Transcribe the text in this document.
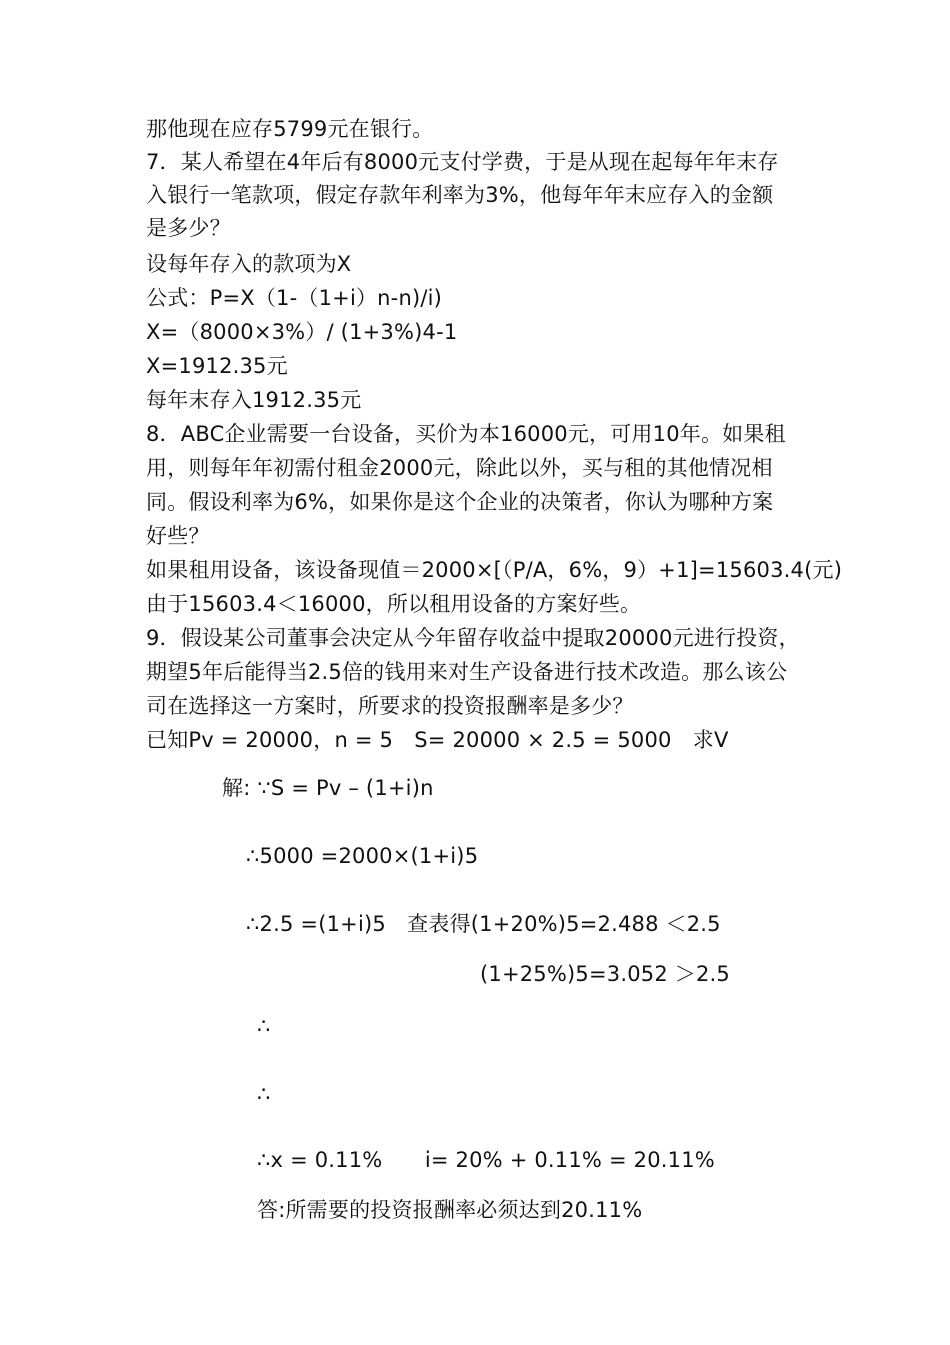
那他现在应存5799元在银行。
7．某人希望在4年后有8000元支付学费，于是从现在起每年年末存
入银行一笔款项，假定存款年利率为3%，他每年年末应存入的金额
是多少？
设每年存入的款项为X
公式：P=X（1-（1+i）n-n)/i)
X=（8000×3%）/ (1+3%)4-1
X=1912.35元
每年末存入1912.35元
8．ABC企业需要一台设备，买价为本16000元，可用10年。如果租
用，则每年年初需付租金2000元，除此以外，买与租的其他情况相
同。假设利率为6%，如果你是这个企业的决策者，你认为哪种方案
好些？
如果租用设备，该设备现值＝2000×[（P/A，6%，9）+1]=15603.4(元)
由于15603.4＜16000，所以租用设备的方案好些。
9．假设某公司董事会决定从今年留存收益中提取20000元进行投资，
期望5年后能得当2.5倍的钱用来对生产设备进行技术改造。那么该公
司在选择这一方案时，所要求的投资报酬率是多少？
已知Pv = 20000，n = 5　S= 20000 × 2.5 = 5000　求V
解: ∵S = Pv – (1+i)n
∴5000 =2000×(1+i)5
∴2.5 =(1+i)5　查表得(1+20%)5=2.488 ＜2.5
(1+25%)5=3.052 ＞2.5
∴
∴
∴x = 0.11%　　i= 20% + 0.11% = 20.11%
答:所需要的投资报酬率必须达到20.11%
